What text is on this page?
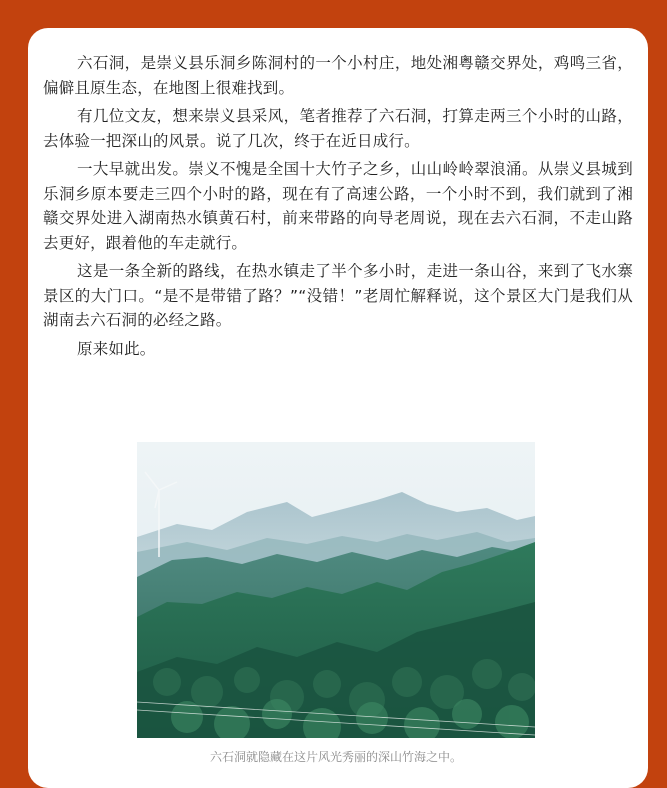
六石洞，是崇义县乐洞乡陈洞村的一个小村庄，地处湘粤赣交界处，鸡鸣三省，偏僻且原生态，在地图上很难找到。

有几位文友，想来崇义县采风，笔者推荐了六石洞，打算走两三个小时的山路，去体验一把深山的风景。说了几次，终于在近日成行。

一大早就出发。崇义不愧是全国十大竹子之乡，山山岭岭翠浪涌。从崇义县城到乐洞乡原本要走三四个小时的路，现在有了高速公路，一个小时不到，我们就到了湘赣交界处进入湖南热水镇黄石村，前来带路的向导老周说，现在去六石洞，不走山路去更好，跟着他的车走就行。

这是一条全新的路线，在热水镇走了半个多小时，走进一条山谷，来到了飞水寨景区的大门口。“是不是带错了路？”“没错！”老周忙解释说，这个景区大门是我们从湖南去六石洞的必经之路。

原来如此。

六石洞就隐藏在这片风光秀丽的深山竹海之中。
